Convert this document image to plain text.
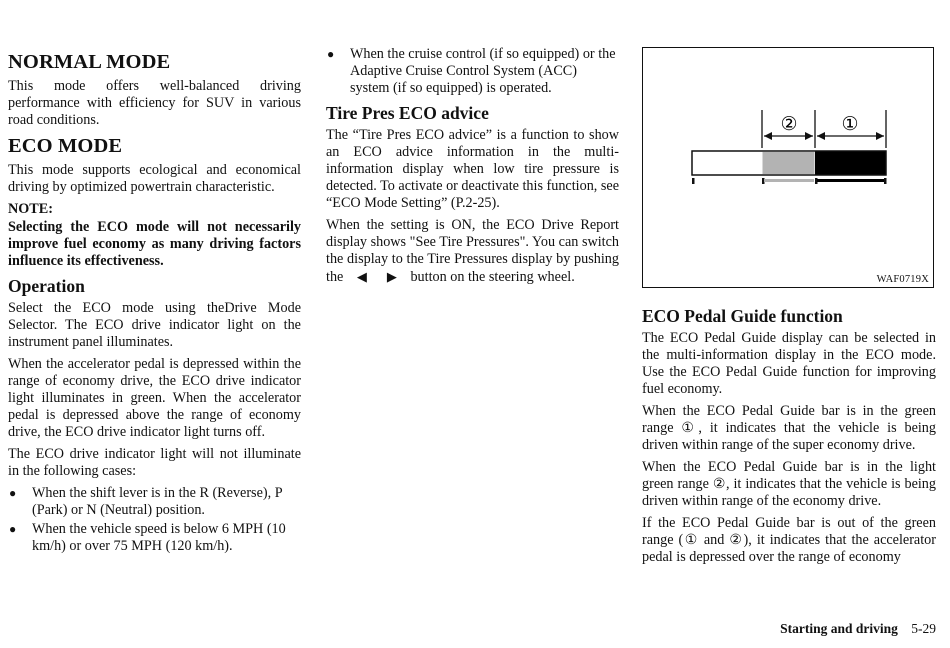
NORMAL MODE

This mode offers well-balanced driving performance with efficiency for SUV in various road conditions.

ECO MODE

This mode supports ecological and economical driving by optimized powertrain characteristic.

NOTE:

Selecting the ECO mode will not necessarily improve fuel economy as many driving factors influence its effectiveness.

Operation

Select the ECO mode using theDrive Mode Selector. The ECO drive indicator light on the instrument panel illuminates.

When the accelerator pedal is depressed within the range of economy drive, the ECO drive indicator light illuminates in green. When the accelerator pedal is depressed above the range of economy drive, the ECO drive indicator light turns off.

The ECO drive indicator light will not illuminate in the following cases:

● When the shift lever is in the R (Reverse), P (Park) or N (Neutral) position.
● When the vehicle speed is below 6 MPH (10 km/h) or over 75 MPH (120 km/h).
● When the cruise control (if so equipped) or the Adaptive Cruise Control System (ACC) system (if so equipped) is operated.
Tire Pres ECO advice

The “Tire Pres ECO advice” is a function to show an ECO advice information in the multi-information display when low tire pressure is detected. To activate or deactivate this function, see “ECO Mode Setting” (P.2-25).

When the setting is ON, the ECO Drive Report display shows "See Tire Pressures". You can switch the display to the Tire Pressures display by pushing the ◀ ▶ button on the steering wheel.

② ①
WAF0719X
ECO Pedal Guide function

The ECO Pedal Guide display can be selected in the multi-information display in the ECO mode. Use the ECO Pedal Guide function for improving fuel economy.

When the ECO Pedal Guide bar is in the green range ①, it indicates that the vehicle is being driven within range of the super economy drive.

When the ECO Pedal Guide bar is in the light green range ②, it indicates that the vehicle is being driven within range of the economy drive.

If the ECO Pedal Guide bar is out of the green range (① and ②), it indicates that the accelerator pedal is depressed over the range of economy

Starting and driving 5-29
